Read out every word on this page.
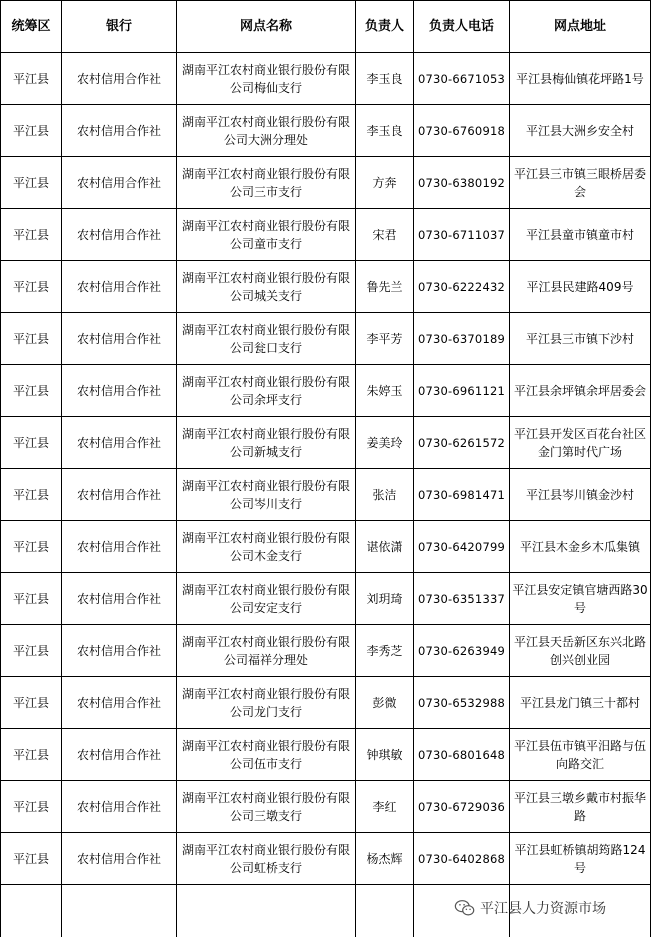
统筹区	银行	网点名称	负责人	负责人电话	网点地址
平江县	农村信用合作社	湖南平江农村商业银行股份有限公司梅仙支行	李玉良	0730-6671053	平江县梅仙镇花坪路1号
平江县	农村信用合作社	湖南平江农村商业银行股份有限公司大洲分理处	李玉良	0730-6760918	平江县大洲乡安全村
平江县	农村信用合作社	湖南平江农村商业银行股份有限公司三市支行	方奔	0730-6380192	平江县三市镇三眼桥居委会
平江县	农村信用合作社	湖南平江农村商业银行股份有限公司童市支行	宋君	0730-6711037	平江县童市镇童市村
平江县	农村信用合作社	湖南平江农村商业银行股份有限公司城关支行	鲁先兰	0730-6222432	平江县民建路409号
平江县	农村信用合作社	湖南平江农村商业银行股份有限公司瓮口支行	李平芳	0730-6370189	平江县三市镇下沙村
平江县	农村信用合作社	湖南平江农村商业银行股份有限公司余坪支行	朱婷玉	0730-6961121	平江县余坪镇余坪居委会
平江县	农村信用合作社	湖南平江农村商业银行股份有限公司新城支行	姜美玲	0730-6261572	平江县开发区百花台社区金门第时代广场
平江县	农村信用合作社	湖南平江农村商业银行股份有限公司岑川支行	张洁	0730-6981471	平江县岑川镇金沙村
平江县	农村信用合作社	湖南平江农村商业银行股份有限公司木金支行	谌依潇	0730-6420799	平江县木金乡木瓜集镇
平江县	农村信用合作社	湖南平江农村商业银行股份有限公司安定支行	刘玥琦	0730-6351337	平江县安定镇官塘西路30号
平江县	农村信用合作社	湖南平江农村商业银行股份有限公司福祥分理处	李秀芝	0730-6263949	平江县天岳新区东兴北路创兴创业园
平江县	农村信用合作社	湖南平江农村商业银行股份有限公司龙门支行	彭微	0730-6532988	平江县龙门镇三十都村
平江县	农村信用合作社	湖南平江农村商业银行股份有限公司伍市支行	钟琪敏	0730-6801648	平江县伍市镇平汨路与伍向路交汇
平江县	农村信用合作社	湖南平江农村商业银行股份有限公司三墩支行	李红	0730-6729036	平江县三墩乡戴市村振华路
平江县	农村信用合作社	湖南平江农村商业银行股份有限公司虹桥支行	杨杰辉	0730-6402868	平江县虹桥镇胡筠路124号

平江县人力资源市场
